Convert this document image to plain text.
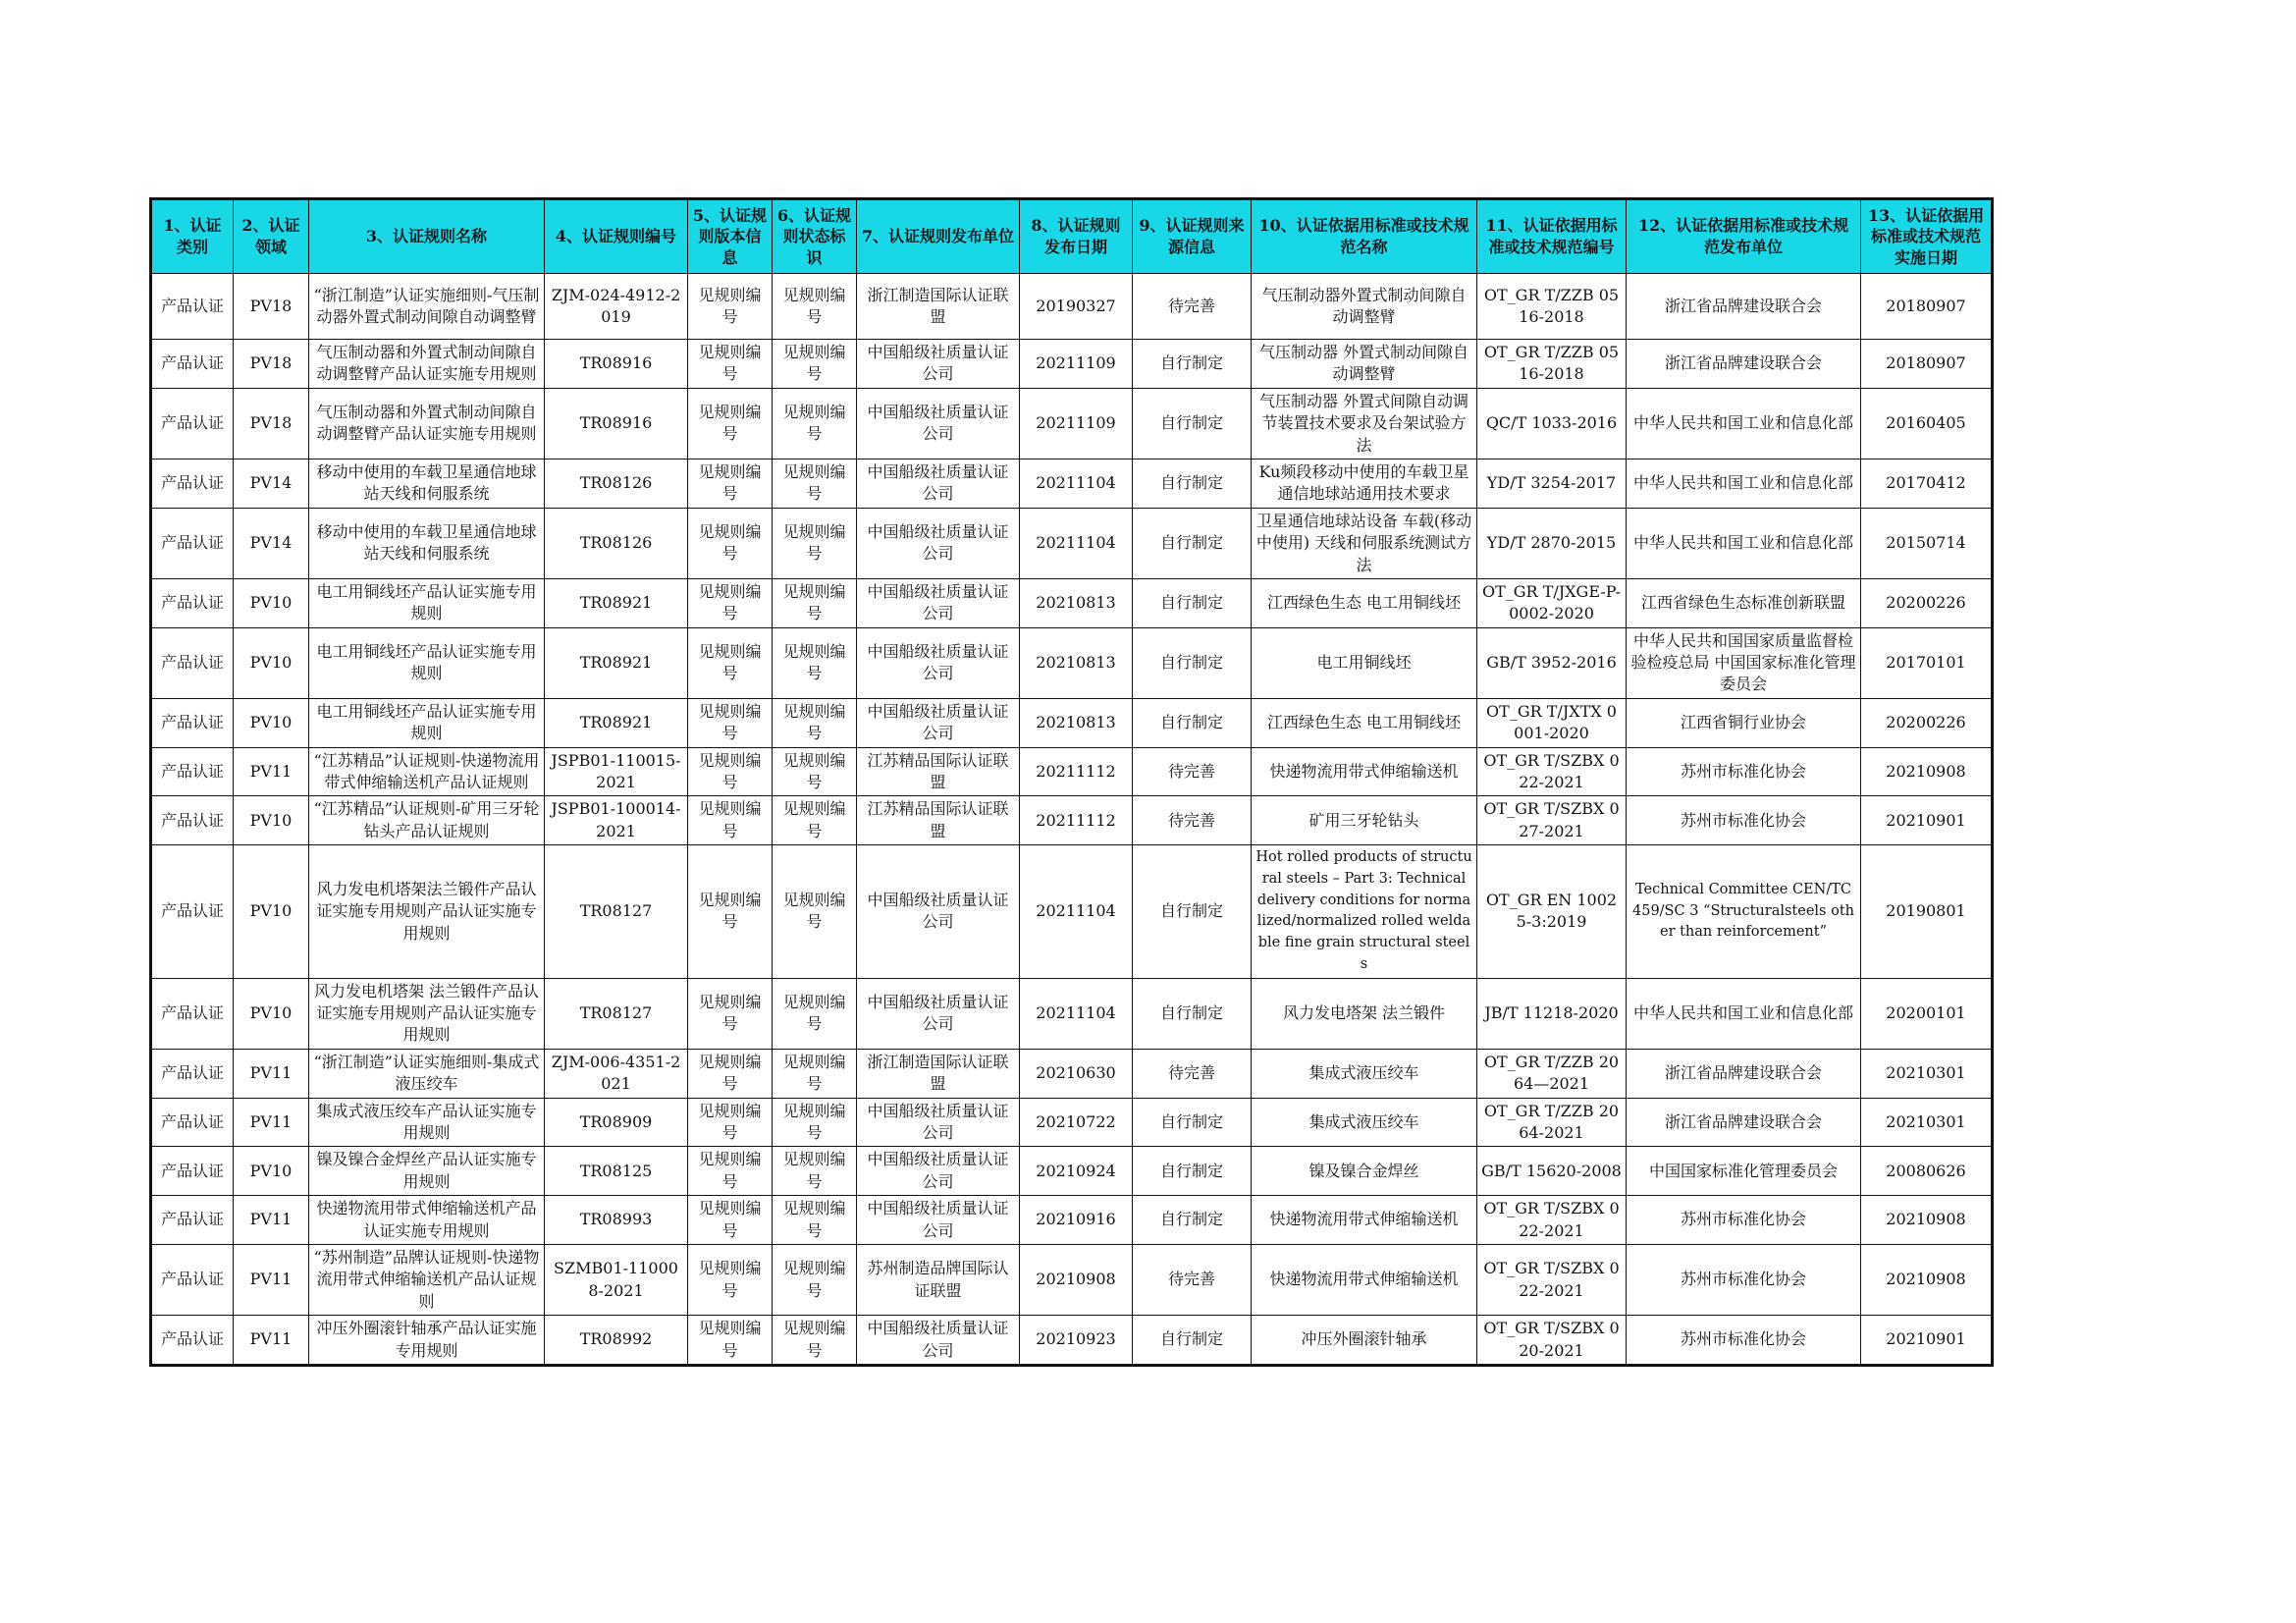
1、认证类别	2、认证领域	3、认证规则名称	4、认证规则编号	5、认证规则版本信息	6、认证规则状态标识	7、认证规则发布单位	8、认证规则发布日期	9、认证规则来源信息	10、认证依据用标准或技术规范名称	11、认证依据用标准或技术规范编号	12、认证依据用标准或技术规范发布单位	13、认证依据用标准或技术规范实施日期
产品认证	PV18	“浙江制造”认证实施细则-气压制动器外置式制动间隙自动调整臂	ZJM-024-4912-2019	见规则编号	见规则编号	浙江制造国际认证联盟	20190327	待完善	气压制动器外置式制动间隙自动调整臂	OT_GR T/ZZB 0516-2018	浙江省品牌建设联合会	20180907
产品认证	PV18	气压制动器和外置式制动间隙自动调整臂产品认证实施专用规则	TR08916	见规则编号	见规则编号	中国船级社质量认证公司	20211109	自行制定	气压制动器 外置式制动间隙自动调整臂	OT_GR T/ZZB 0516-2018	浙江省品牌建设联合会	20180907
产品认证	PV18	气压制动器和外置式制动间隙自动调整臂产品认证实施专用规则	TR08916	见规则编号	见规则编号	中国船级社质量认证公司	20211109	自行制定	气压制动器 外置式间隙自动调节装置技术要求及台架试验方法	QC/T 1033-2016	中华人民共和国工业和信息化部	20160405
产品认证	PV14	移动中使用的车载卫星通信地球站天线和伺服系统	TR08126	见规则编号	见规则编号	中国船级社质量认证公司	20211104	自行制定	Ku频段移动中使用的车载卫星通信地球站通用技术要求	YD/T 3254-2017	中华人民共和国工业和信息化部	20170412
产品认证	PV14	移动中使用的车载卫星通信地球站天线和伺服系统	TR08126	见规则编号	见规则编号	中国船级社质量认证公司	20211104	自行制定	卫星通信地球站设备 车载(移动中使用) 天线和伺服系统测试方法	YD/T 2870-2015	中华人民共和国工业和信息化部	20150714
产品认证	PV10	电工用铜线坯产品认证实施专用规则	TR08921	见规则编号	见规则编号	中国船级社质量认证公司	20210813	自行制定	江西绿色生态 电工用铜线坯	OT_GR T/JXGE-P-0002-2020	江西省绿色生态标准创新联盟	20200226
产品认证	PV10	电工用铜线坯产品认证实施专用规则	TR08921	见规则编号	见规则编号	中国船级社质量认证公司	20210813	自行制定	电工用铜线坯	GB/T 3952-2016	中华人民共和国国家质量监督检验检疫总局 中国国家标准化管理委员会	20170101
产品认证	PV10	电工用铜线坯产品认证实施专用规则	TR08921	见规则编号	见规则编号	中国船级社质量认证公司	20210813	自行制定	江西绿色生态 电工用铜线坯	OT_GR T/JXTX 0001-2020	江西省铜行业协会	20200226
产品认证	PV11	“江苏精品”认证规则-快递物流用带式伸缩输送机产品认证规则	JSPB01-110015-2021	见规则编号	见规则编号	江苏精品国际认证联盟	20211112	待完善	快递物流用带式伸缩输送机	OT_GR T/SZBX 022-2021	苏州市标准化协会	20210908
产品认证	PV10	“江苏精品”认证规则-矿用三牙轮钻头产品认证规则	JSPB01-100014-2021	见规则编号	见规则编号	江苏精品国际认证联盟	20211112	待完善	矿用三牙轮钻头	OT_GR T/SZBX 027-2021	苏州市标准化协会	20210901
产品认证	PV10	风力发电机塔架法兰锻件产品认证实施专用规则产品认证实施专用规则	TR08127	见规则编号	见规则编号	中国船级社质量认证公司	20211104	自行制定	Hot rolled products of structural steels – Part 3: Technical delivery conditions for normalized/normalized rolled weldable fine grain structural steels	OT_GR EN 10025-3:2019	Technical Committee CEN/TC 459/SC 3 “Structuralsteels other than reinforcement”	20190801
产品认证	PV10	风力发电机塔架 法兰锻件产品认证实施专用规则产品认证实施专用规则	TR08127	见规则编号	见规则编号	中国船级社质量认证公司	20211104	自行制定	风力发电塔架 法兰锻件	JB/T 11218-2020	中华人民共和国工业和信息化部	20200101
产品认证	PV11	“浙江制造”认证实施细则-集成式液压绞车	ZJM-006-4351-2021	见规则编号	见规则编号	浙江制造国际认证联盟	20210630	待完善	集成式液压绞车	OT_GR T/ZZB 2064—2021	浙江省品牌建设联合会	20210301
产品认证	PV11	集成式液压绞车产品认证实施专用规则	TR08909	见规则编号	见规则编号	中国船级社质量认证公司	20210722	自行制定	集成式液压绞车	OT_GR T/ZZB 2064-2021	浙江省品牌建设联合会	20210301
产品认证	PV10	镍及镍合金焊丝产品认证实施专用规则	TR08125	见规则编号	见规则编号	中国船级社质量认证公司	20210924	自行制定	镍及镍合金焊丝	GB/T 15620-2008	中国国家标准化管理委员会	20080626
产品认证	PV11	快递物流用带式伸缩输送机产品认证实施专用规则	TR08993	见规则编号	见规则编号	中国船级社质量认证公司	20210916	自行制定	快递物流用带式伸缩输送机	OT_GR T/SZBX 022-2021	苏州市标准化协会	20210908
产品认证	PV11	“苏州制造”品牌认证规则-快递物流用带式伸缩输送机产品认证规则	SZMB01-110008-2021	见规则编号	见规则编号	苏州制造品牌国际认证联盟	20210908	待完善	快递物流用带式伸缩输送机	OT_GR T/SZBX 022-2021	苏州市标准化协会	20210908
产品认证	PV11	冲压外圈滚针轴承产品认证实施专用规则	TR08992	见规则编号	见规则编号	中国船级社质量认证公司	20210923	自行制定	冲压外圈滚针轴承	OT_GR T/SZBX 020-2021	苏州市标准化协会	20210901
